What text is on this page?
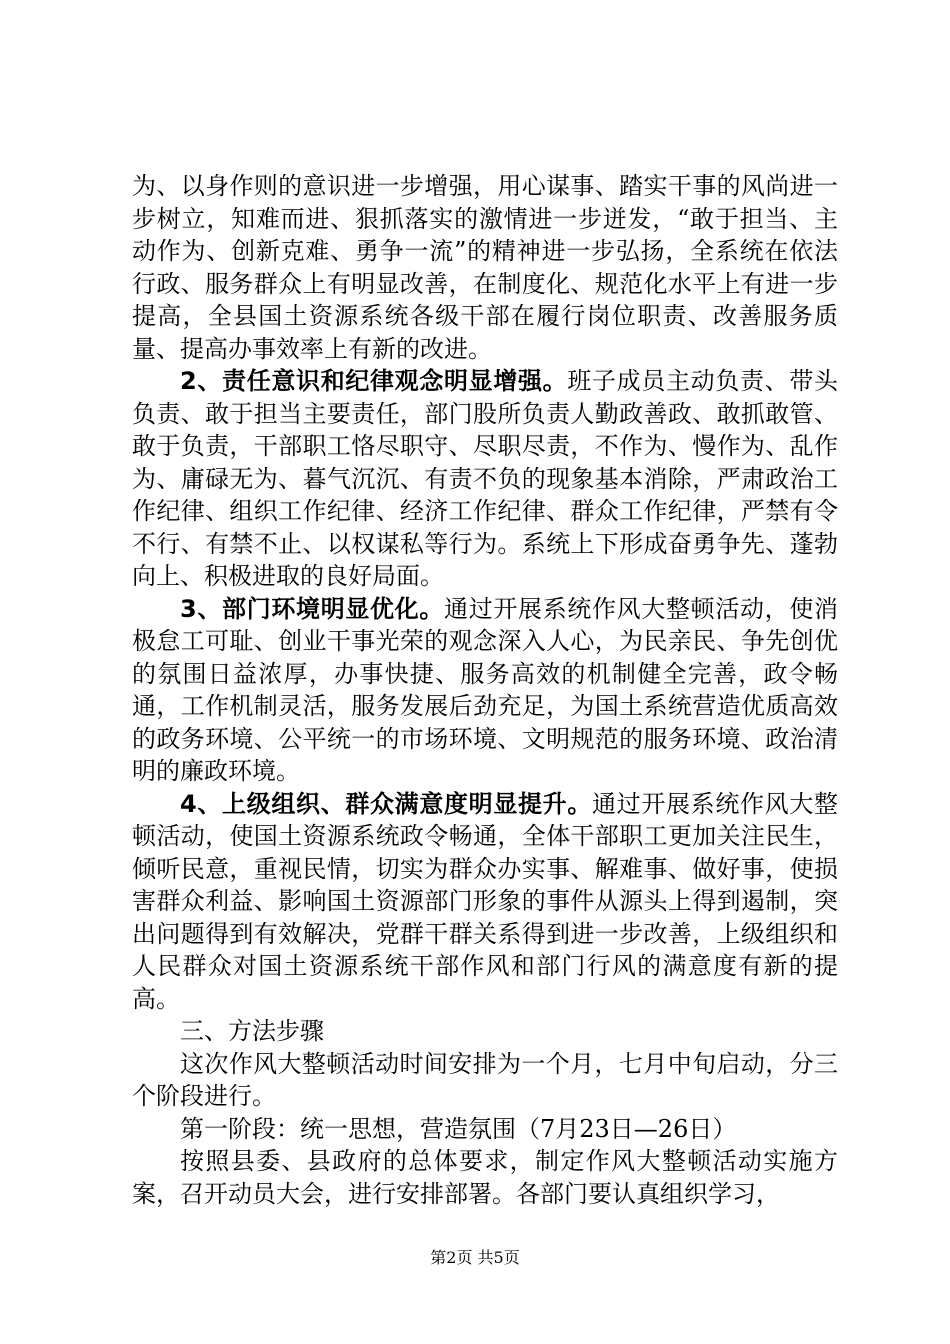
为、以身作则的意识进一步增强，用心谋事、踏实干事的风尚进一步树立，知难而进、狠抓落实的激情进一步迸发，“敢于担当、主动作为、创新克难、勇争一流”的精神进一步弘扬，全系统在依法行政、服务群众上有明显改善，在制度化、规范化水平上有进一步提高，全县国土资源系统各级干部在履行岗位职责、改善服务质量、提高办事效率上有新的改进。

2、责任意识和纪律观念明显增强。班子成员主动负责、带头负责、敢于担当主要责任，部门股所负责人勤政善政、敢抓敢管、敢于负责，干部职工恪尽职守、尽职尽责，不作为、慢作为、乱作为、庸碌无为、暮气沉沉、有责不负的现象基本消除，严肃政治工作纪律、组织工作纪律、经济工作纪律、群众工作纪律，严禁有令不行、有禁不止、以权谋私等行为。系统上下形成奋勇争先、蓬勃向上、积极进取的良好局面。

3、部门环境明显优化。通过开展系统作风大整顿活动，使消极怠工可耻、创业干事光荣的观念深入人心，为民亲民、争先创优的氛围日益浓厚，办事快捷、服务高效的机制健全完善，政令畅通，工作机制灵活，服务发展后劲充足，为国土系统营造优质高效的政务环境、公平统一的市场环境、文明规范的服务环境、政治清明的廉政环境。

4、上级组织、群众满意度明显提升。通过开展系统作风大整顿活动，使国土资源系统政令畅通，全体干部职工更加关注民生，倾听民意，重视民情，切实为群众办实事、解难事、做好事，使损害群众利益、影响国土资源部门形象的事件从源头上得到遏制，突出问题得到有效解决，党群干群关系得到进一步改善，上级组织和人民群众对国土资源系统干部作风和部门行风的满意度有新的提高。

三、方法步骤

这次作风大整顿活动时间安排为一个月，七月中旬启动，分三个阶段进行。

第一阶段：统一思想，营造氛围（7月23日—26日）

按照县委、县政府的总体要求，制定作风大整顿活动实施方案，召开动员大会，进行安排部署。各部门要认真组织学习，

第2页 共5页
